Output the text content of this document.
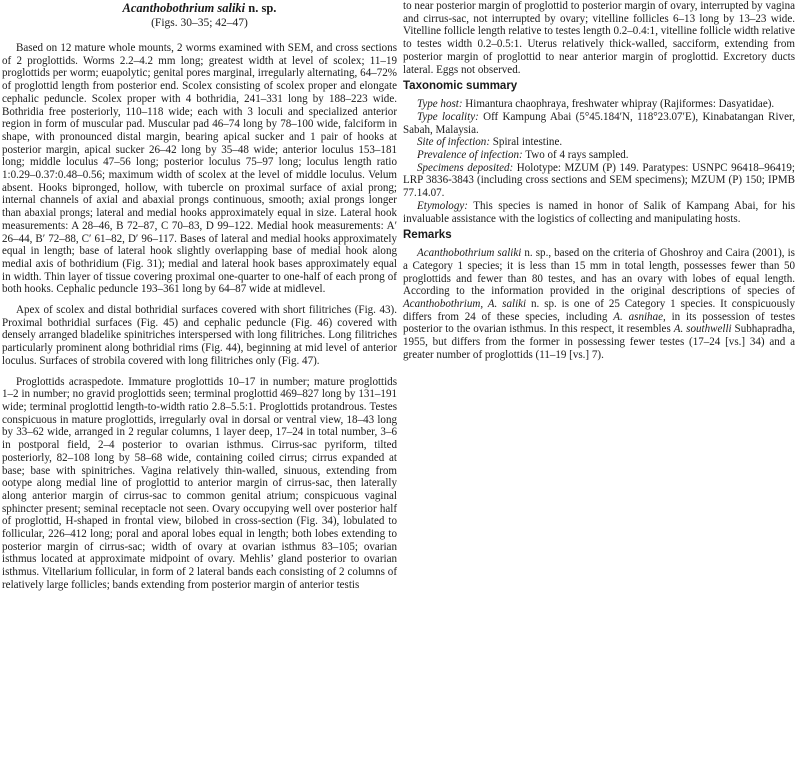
Acanthobothrium saliki n. sp.
(Figs. 30–35; 42–47)

Based on 12 mature whole mounts, 2 worms examined with SEM, and cross sections of 2 proglottids. Worms 2.2–4.2 mm long; greatest width at level of scolex; 11–19 proglottids per worm; euapolytic; genital pores marginal, irregularly alternating, 64–72% of proglottid length from posterior end. Scolex consisting of scolex proper and elongate cephalic peduncle. Scolex proper with 4 bothridia, 241–331 long by 188–223 wide. Bothridia free posteriorly, 110–118 wide; each with 3 loculi and specialized anterior region in form of muscular pad. Muscular pad 46–74 long by 78–100 wide, falciform in shape, with pronounced distal margin, bearing apical sucker and 1 pair of hooks at posterior margin, apical sucker 26–42 long by 35–48 wide; anterior loculus 153–181 long; middle loculus 47–56 long; posterior loculus 75–97 long; loculus length ratio 1:0.29–0.37:0.48–0.56; maximum width of scolex at the level of middle loculus. Velum absent. Hooks bipronged, hollow, with tubercle on proximal surface of axial prong; internal channels of axial and abaxial prongs continuous, smooth; axial prongs longer than abaxial prongs; lateral and medial hooks approximately equal in size. Lateral hook measurements: A 28–46, B 72–87, C 70–83, D 99–122. Medial hook measurements: A′ 26–44, B′ 72–88, C′ 61–82, D′ 96–117. Bases of lateral and medial hooks approximately equal in length; base of lateral hook slightly overlapping base of medial hook along medial axis of bothridium (Fig. 31); medial and lateral hook bases approximately equal in width. Thin layer of tissue covering proximal one-quarter to one-half of each prong of both hooks. Cephalic peduncle 193–361 long by 64–87 wide at midlevel.

Apex of scolex and distal bothridial surfaces covered with short filitriches (Fig. 43). Proximal bothridial surfaces (Fig. 45) and cephalic peduncle (Fig. 46) covered with densely arranged bladelike spinitriches interspersed with long filitriches. Long filitriches particularly prominent along bothridial rims (Fig. 44), beginning at mid level of anterior loculus. Surfaces of strobila covered with long filitriches only (Fig. 47).

Proglottids acraspedote. Immature proglottids 10–17 in number; mature proglottids 1–2 in number; no gravid proglottids seen; terminal proglottid 469–827 long by 131–191 wide; terminal proglottid length-to-width ratio 2.8–5.5:1. Proglottids protandrous. Testes conspicuous in mature proglottids, irregularly oval in dorsal or ventral view, 18–43 long by 33–62 wide, arranged in 2 regular columns, 1 layer deep, 17–24 in total number, 3–6 in postporal field, 2–4 posterior to ovarian isthmus. Cirrus-sac pyriform, tilted posteriorly, 82–108 long by 58–68 wide, containing coiled cirrus; cirrus expanded at base; base with spinitriches. Vagina relatively thin-walled, sinuous, extending from ootype along medial line of proglottid to anterior margin of cirrus-sac, then laterally along anterior margin of cirrus-sac to common genital atrium; conspicuous vaginal sphincter present; seminal receptacle not seen. Ovary occupying well over posterior half of proglottid, H-shaped in frontal view, bilobed in cross-section (Fig. 34), lobulated to follicular, 226–412 long; poral and aporal lobes equal in length; both lobes extending to posterior margin of cirrus-sac; width of ovary at ovarian isthmus 83–105; ovarian isthmus located at approximate midpoint of ovary. Mehlis’ gland posterior to ovarian isthmus. Vitellarium follicular, in form of 2 lateral bands each consisting of 2 columns of relatively large follicles; bands extending from posterior margin of anterior testis

to near posterior margin of proglottid to posterior margin of ovary, interrupted by vagina and cirrus-sac, not interrupted by ovary; vitelline follicles 6–13 long by 13–23 wide. Vitelline follicle length relative to testes length 0.2–0.4:1, vitelline follicle width relative to testes width 0.2–0.5:1. Uterus relatively thick-walled, sacciform, extending from posterior margin of proglottid to near anterior margin of proglottid. Excretory ducts lateral. Eggs not observed.

Taxonomic summary

Type host: Himantura chaophraya, freshwater whipray (Rajiformes: Dasyatidae).

Type locality: Off Kampung Abai (5°45.184′N, 118°23.07′E), Kinabatangan River, Sabah, Malaysia.

Site of infection: Spiral intestine.

Prevalence of infection: Two of 4 rays sampled.

Specimens deposited: Holotype: MZUM (P) 149. Paratypes: USNPC 96418–96419; LRP 3836-3843 (including cross sections and SEM specimens); MZUM (P) 150; IPMB 77.14.07.

Etymology: This species is named in honor of Salik of Kampang Abai, for his invaluable assistance with the logistics of collecting and manipulating hosts.

Remarks

Acanthobothrium saliki n. sp., based on the criteria of Ghoshroy and Caira (2001), is a Category 1 species; it is less than 15 mm in total length, possesses fewer than 50 proglottids and fewer than 80 testes, and has an ovary with lobes of equal length. According to the information provided in the original descriptions of species of Acanthobothrium, A. saliki n. sp. is one of 25 Category 1 species. It conspicuously differs from 24 of these species, including A. asnihae, in its possession of testes posterior to the ovarian isthmus. In this respect, it resembles A. southwelli Subhapradha, 1955, but differs from the former in possessing fewer testes (17–24 [vs.] 34) and a greater number of proglottids (11–19 [vs.] 7).
